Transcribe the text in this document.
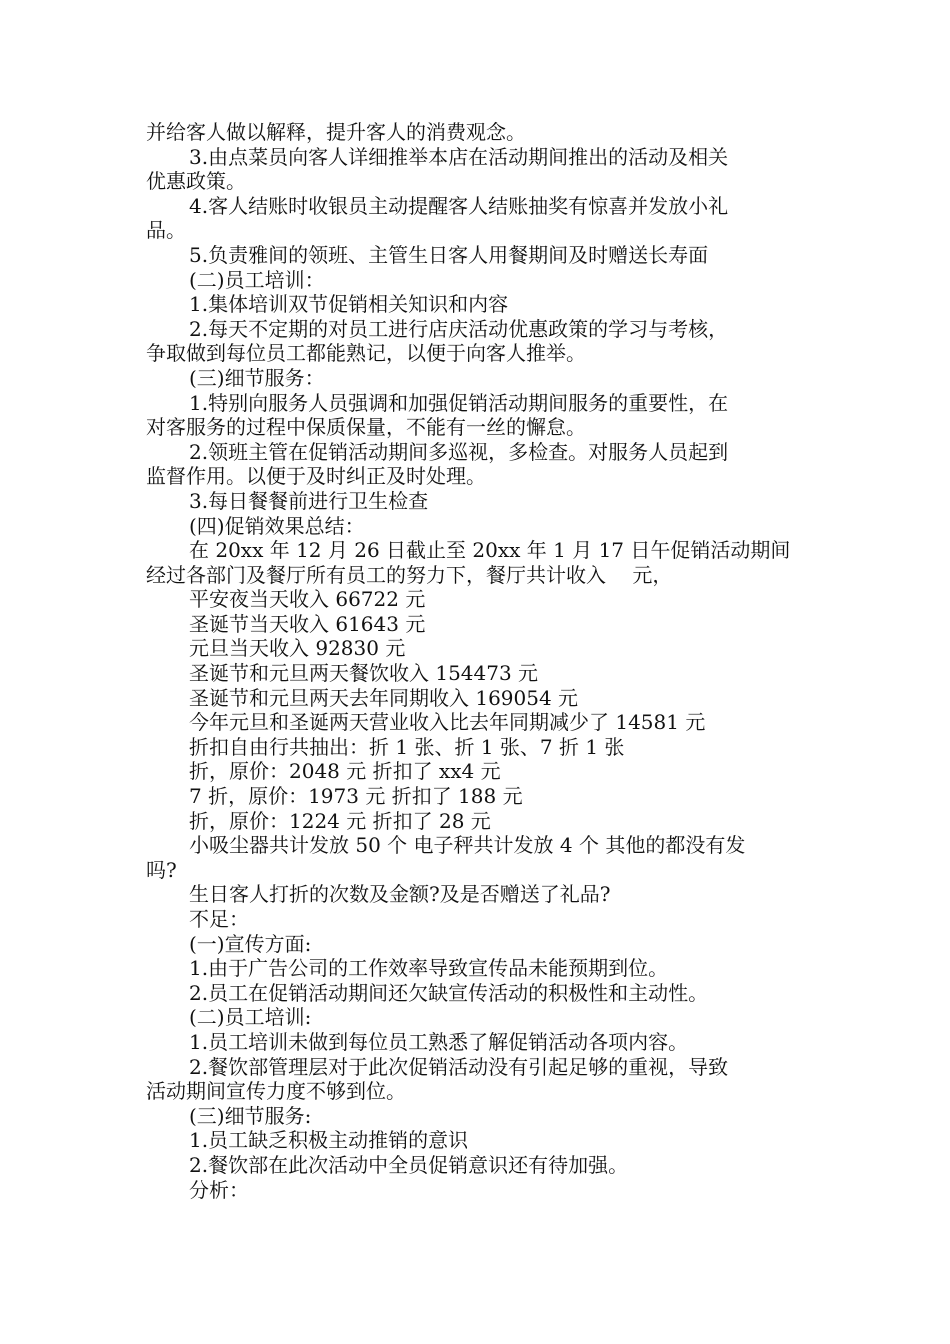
并给客人做以解释，提升客人的消费观念。
3.由点菜员向客人详细推举本店在活动期间推出的活动及相关
优惠政策。
4.客人结账时收银员主动提醒客人结账抽奖有惊喜并发放小礼
品。
5.负责雅间的领班、主管生日客人用餐期间及时赠送长寿面
(二)员工培训：
1.集体培训双节促销相关知识和内容
2.每天不定期的对员工进行店庆活动优惠政策的学习与考核，
争取做到每位员工都能熟记，以便于向客人推举。
(三)细节服务：
1.特别向服务人员强调和加强促销活动期间服务的重要性，在
对客服务的过程中保质保量，不能有一丝的懈怠。
2.领班主管在促销活动期间多巡视，多检查。对服务人员起到
监督作用。以便于及时纠正及时处理。
3.每日餐餐前进行卫生检查
(四)促销效果总结：
在 20xx 年 12 月 26 日截止至 20xx 年 1 月 17 日午促销活动期间
经过各部门及餐厅所有员工的努力下，餐厅共计收入　 元，
平安夜当天收入 66722 元
圣诞节当天收入 61643 元
元旦当天收入 92830 元
圣诞节和元旦两天餐饮收入 154473 元
圣诞节和元旦两天去年同期收入 169054 元
今年元旦和圣诞两天营业收入比去年同期减少了 14581 元
折扣自由行共抽出：折 1 张、折 1 张、7 折 1 张
折，原价：2048 元 折扣了 xx4 元
7 折，原价：1973 元 折扣了 188 元
折，原价：1224 元 折扣了 28 元
小吸尘器共计发放 50 个 电子秤共计发放 4 个 其他的都没有发
吗?
生日客人打折的次数及金额?及是否赠送了礼品?
不足：
(一)宣传方面:
1.由于广告公司的工作效率导致宣传品未能预期到位。
2.员工在促销活动期间还欠缺宣传活动的积极性和主动性。
(二)员工培训:
1.员工培训未做到每位员工熟悉了解促销活动各项内容。
2.餐饮部管理层对于此次促销活动没有引起足够的重视，导致
活动期间宣传力度不够到位。
(三)细节服务:
1.员工缺乏积极主动推销的意识
2.餐饮部在此次活动中全员促销意识还有待加强。
分析：
